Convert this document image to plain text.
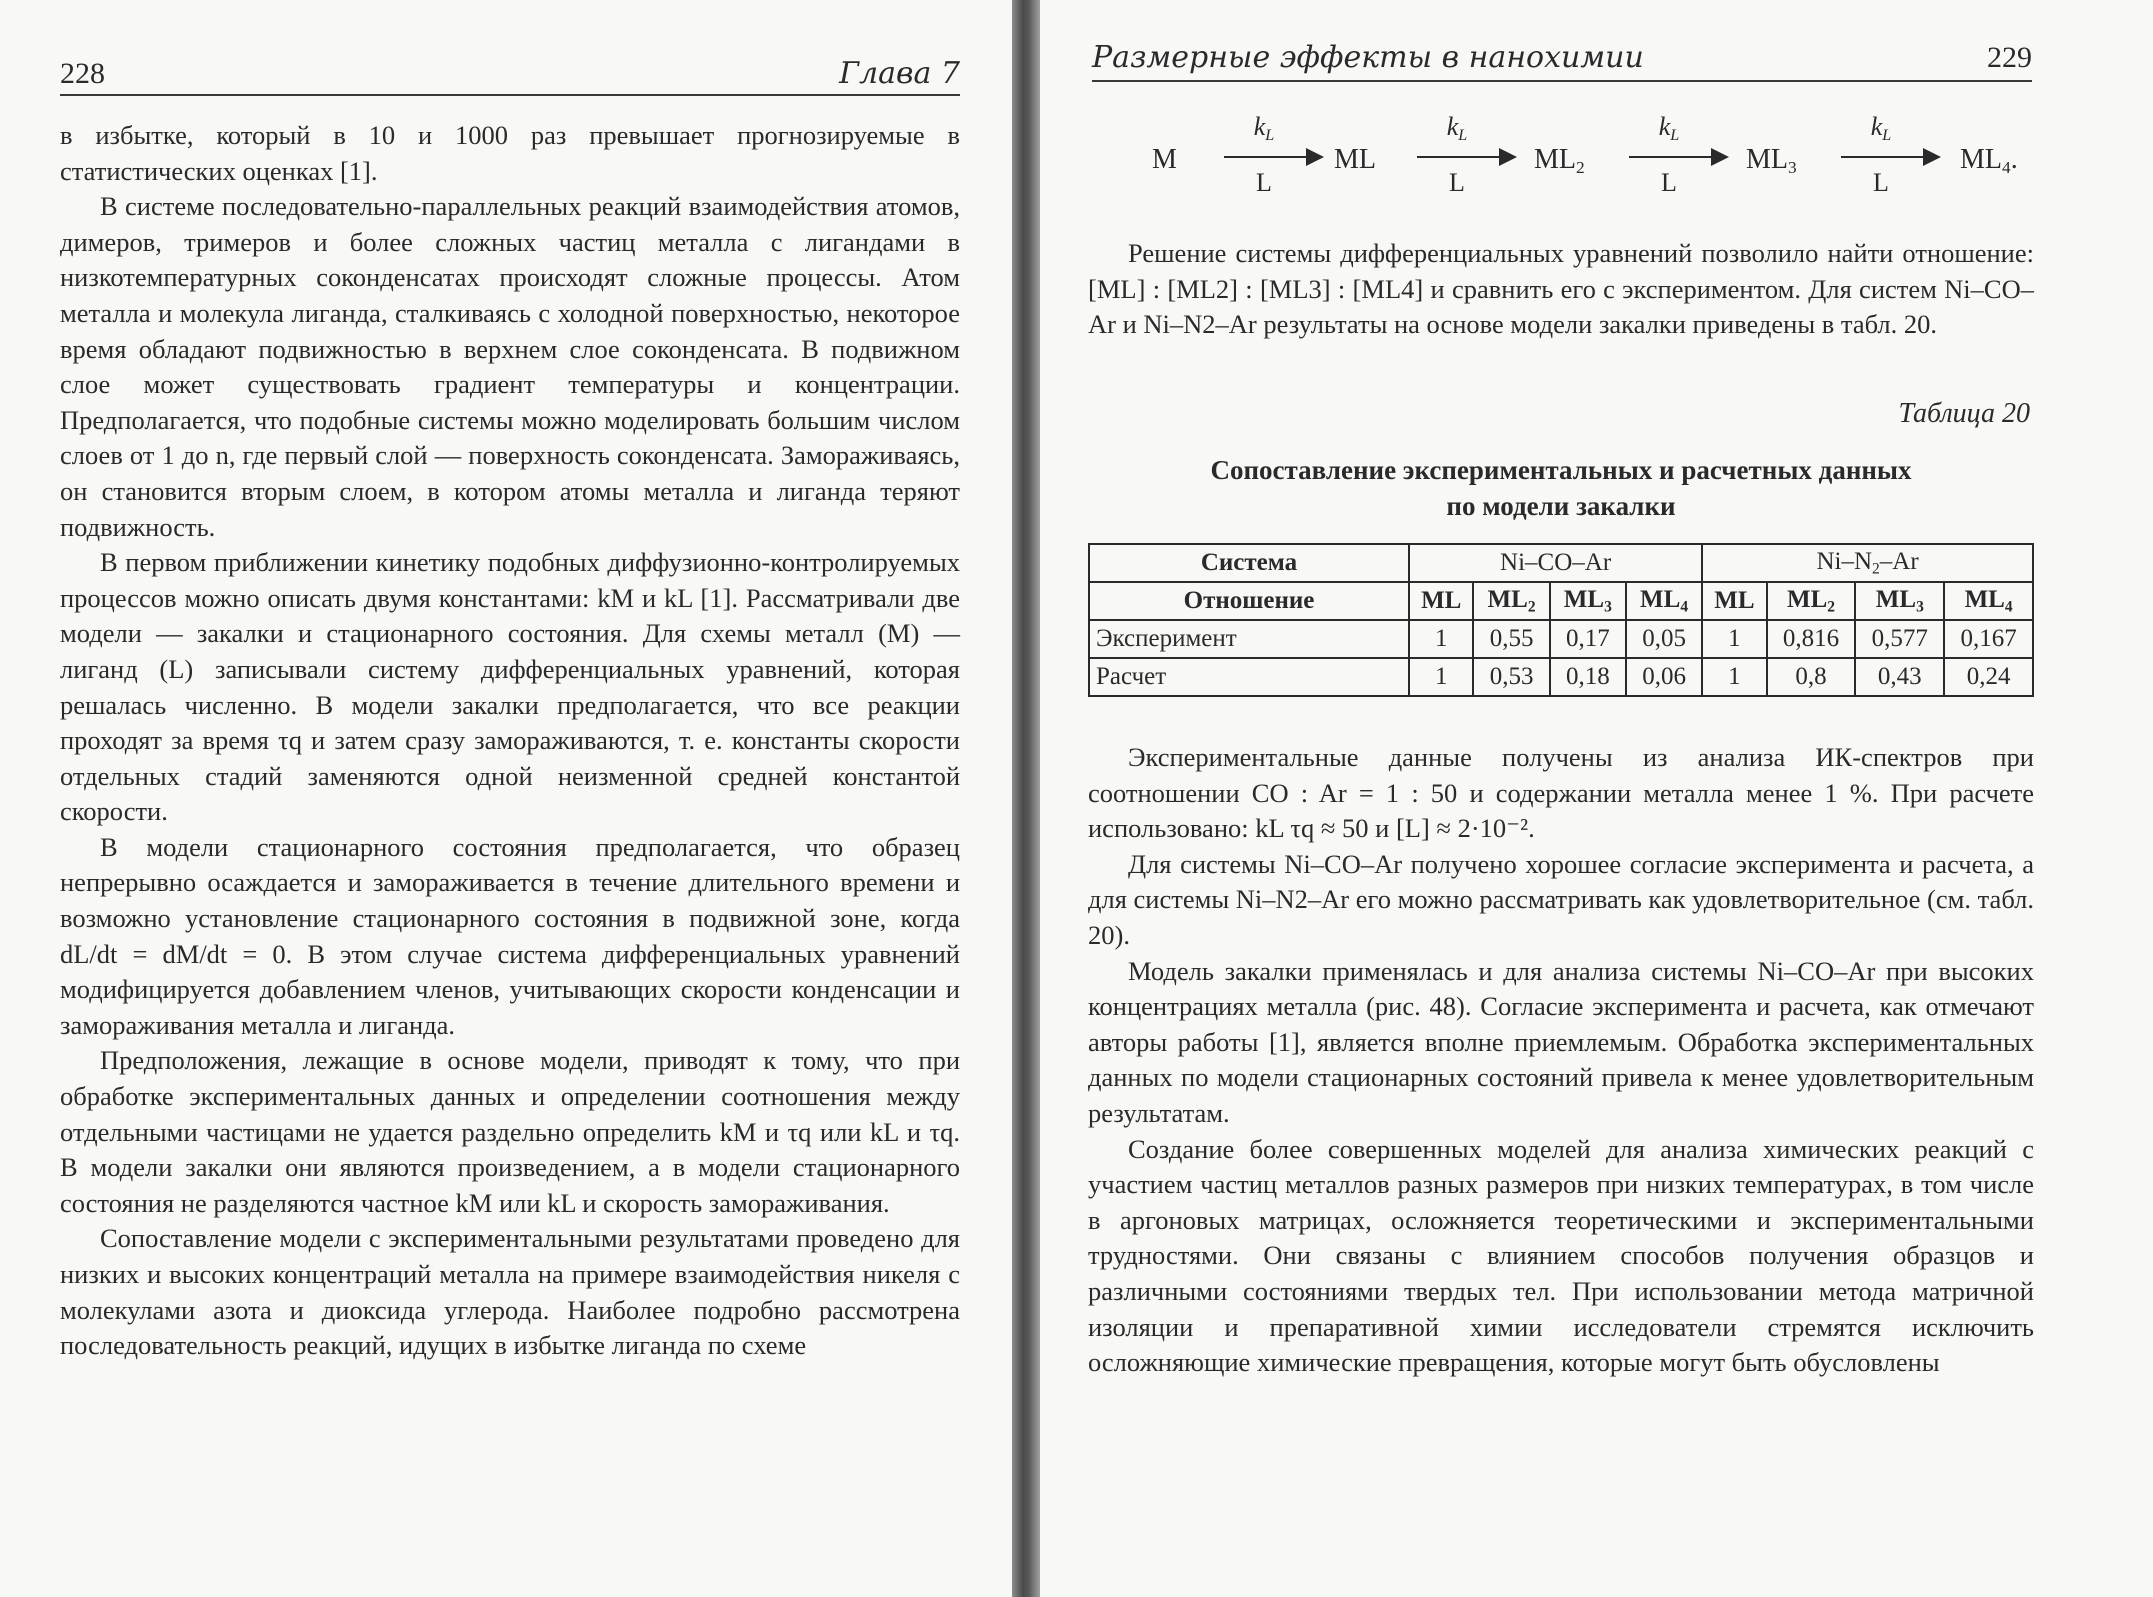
228	Глава 7

в избытке, который в 10 и 1000 раз превышает прогнозируемые в статистических оценках [1].

В системе последовательно-параллельных реакций взаимодействия атомов, димеров, тримеров и более сложных частиц металла с лигандами в низкотемпературных соконденсатах происходят сложные процессы. Атом металла и молекула лиганда, сталкиваясь с холодной поверхностью, некоторое время обладают подвижностью в верхнем слое соконденсата. В подвижном слое может существовать градиент температуры и концентрации. Предполагается, что подобные системы можно моделировать большим числом слоев от 1 до n, где первый слой — поверхность соконденсата. Замораживаясь, он становится вторым слоем, в котором атомы металла и лиганда теряют подвижность.

В первом приближении кинетику подобных диффузионно-контролируемых процессов можно описать двумя константами: kM и kL [1]. Рассматривали две модели — закалки и стационарного состояния. Для схемы металл (M) — лиганд (L) записывали систему дифференциальных уравнений, которая решалась численно. В модели закалки предполагается, что все реакции проходят за время τq и затем сразу замораживаются, т. е. константы скорости отдельных стадий заменяются одной неизменной средней константой скорости.

В модели стационарного состояния предполагается, что образец непрерывно осаждается и замораживается в течение длительного времени и возможно установление стационарного состояния в подвижной зоне, когда dL/dt = dM/dt = 0. В этом случае система дифференциальных уравнений модифицируется добавлением членов, учитывающих скорости конденсации и замораживания металла и лиганда.

Предположения, лежащие в основе модели, приводят к тому, что при обработке экспериментальных данных и определении соотношения между отдельными частицами не удается раздельно определить kM и τq или kL и τq. В модели закалки они являются произведением, а в модели стационарного состояния не разделяются частное kM или kL и скорость замораживания.

Сопоставление модели с экспериментальными результатами проведено для низких и высоких концентраций металла на примере взаимодействия никеля с молекулами азота и диоксида углерода. Наиболее подробно рассмотрена последовательность реакций, идущих в избытке лиганда по схеме

Размерные эффекты в нанохимии	229
M
$k_L$
L
ML
$k_L$
L
$ML_2$
$k_L$
L
$ML_3$
$k_L$
L
$ML_4$.

Решение системы дифференциальных уравнений позволило найти отношение: [ML] : [ML2] : [ML3] : [ML4] и сравнить его с экспериментом. Для систем Ni–CO–Ar и Ni–N2–Ar результаты на основе модели закалки приведены в табл. 20.

Таблица 20
Сопоставление экспериментальных и расчетных данных
по модели закалки
Система	Ni–CO–Ar				$Ni-N_2-Ar$			
Отношение	ML	$ML_2$	$ML_3$	$ML_4$	ML	$ML_2$	$ML_3$	$ML_4$
Эксперимент	1	0,55	0,17	0,05	1	0,816	0,577	0,167
Расчет	1	0,53	0,18	0,06	1	0,8	0,43	0,24

Экспериментальные данные получены из анализа ИК-спектров при соотношении CO : Ar = 1 : 50 и содержании металла менее 1 %. При расчете использовано: kL τq ≈ 50 и [L] ≈ 2·10⁻².

Для системы Ni–CO–Ar получено хорошее согласие эксперимента и расчета, а для системы Ni–N2–Ar его можно рассматривать как удовлетворительное (см. табл. 20).

Модель закалки применялась и для анализа системы Ni–CO–Ar при высоких концентрациях металла (рис. 48). Согласие эксперимента и расчета, как отмечают авторы работы [1], является вполне приемлемым. Обработка экспериментальных данных по модели стационарных состояний привела к менее удовлетворительным результатам.

Создание более совершенных моделей для анализа химических реакций с участием частиц металлов разных размеров при низких температурах, в том числе в аргоновых матрицах, осложняется теоретическими и экспериментальными трудностями. Они связаны с влиянием способов получения образцов и различными состояниями твердых тел. При использовании метода матричной изоляции и препаративной химии исследователи стремятся исключить осложняющие химические превращения, которые могут быть обусловлены
